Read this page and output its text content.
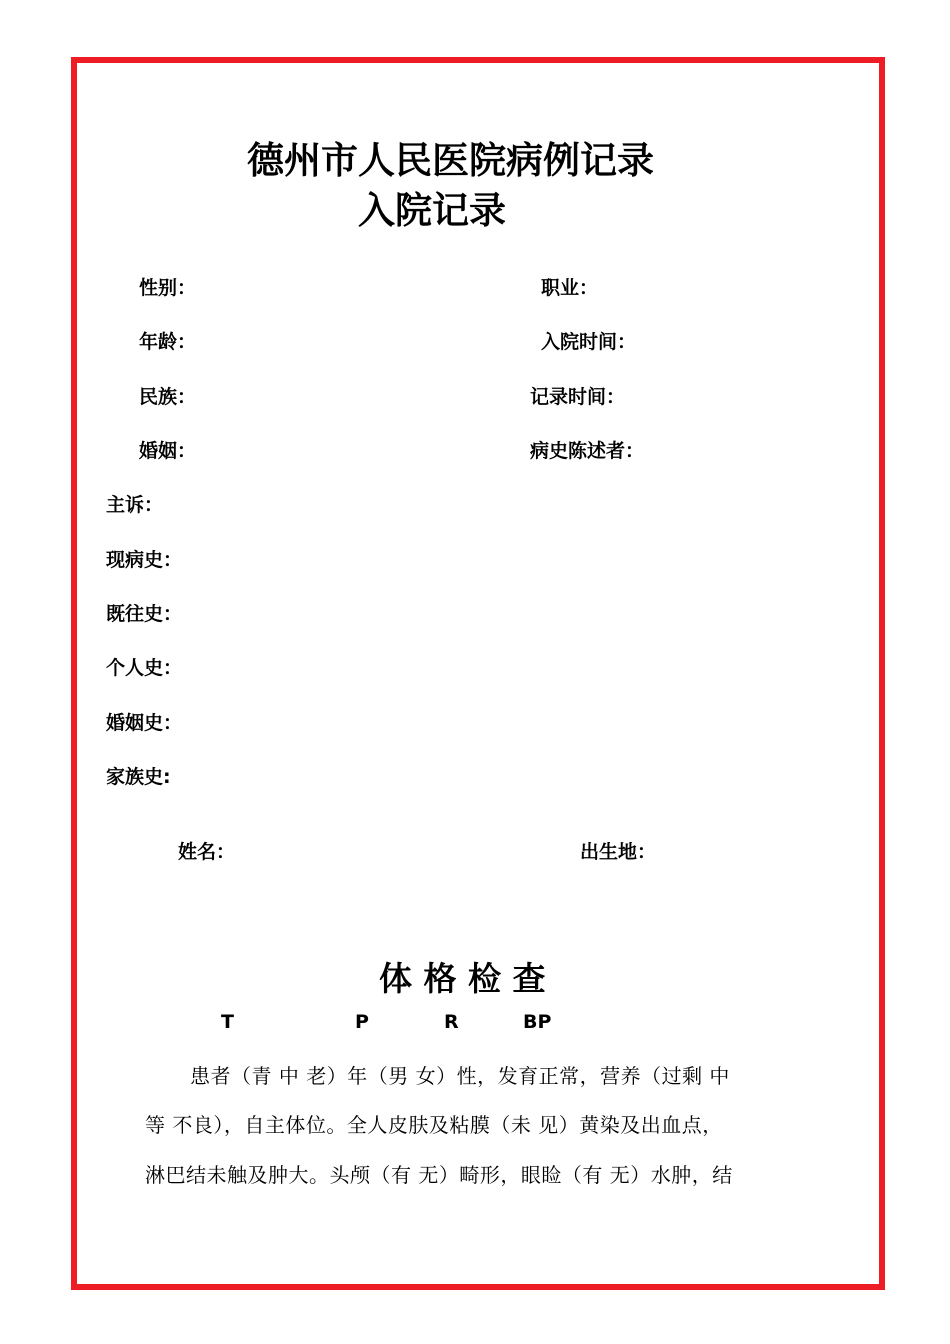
德州市人民医院病例记录
入院记录
性别：	职业：
年龄：	入院时间：
民族：	记录时间：
婚姻：	病史陈述者：
主诉：
现病史：
既往史：
个人史：
婚姻史：
家族史:
姓名：	出生地：
体 格 检 查
T	P	R	BP
患者（青 中 老）年（男 女）性，发育正常，营养（过剩 中
等 不良），自主体位。全人皮肤及粘膜（未 见）黄染及出血点，
淋巴结未触及肿大。头颅（有 无）畸形，眼睑（有 无）水肿，结
